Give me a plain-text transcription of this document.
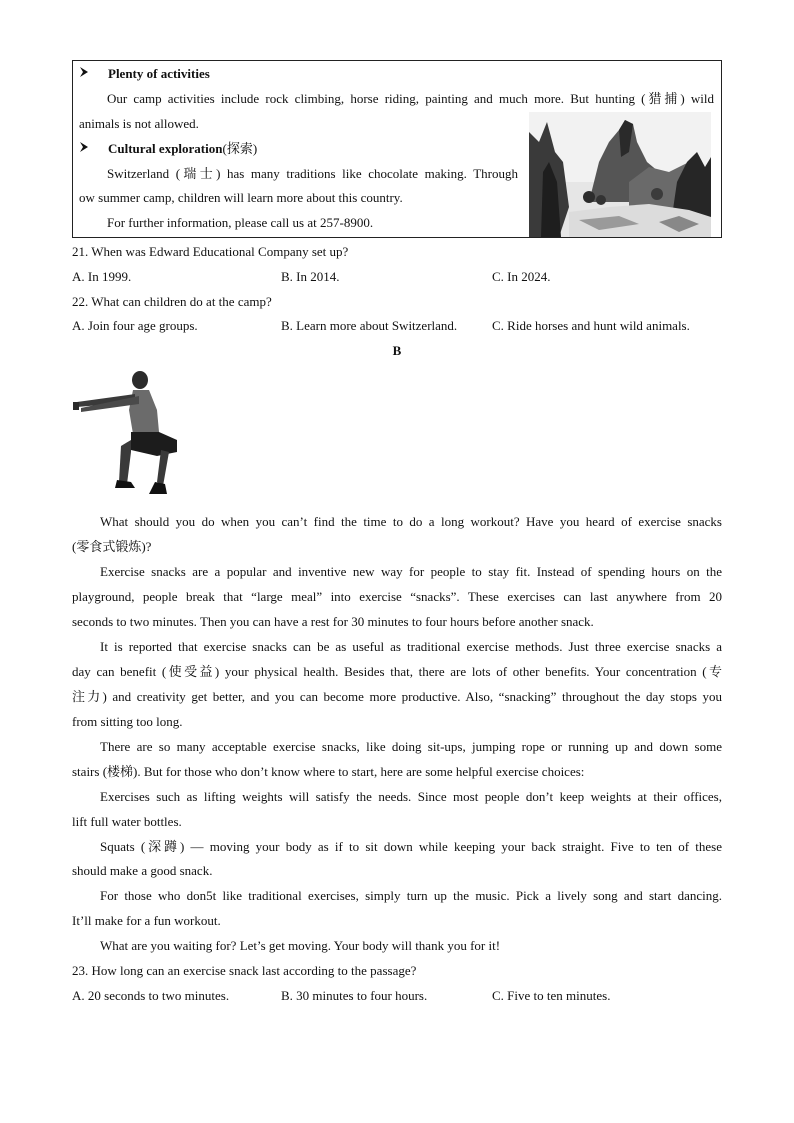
Plenty of activities
Our camp activities include rock climbing, horse riding, painting and much more. But hunting (猎捕) wild
animals is not allowed.
Cultural exploration(探索)
Switzerland (瑞士) has many traditions like chocolate making. Through
ow summer camp, children will learn more about this country.
For further information, please call us at 257-8900.
21. When was Edward Educational Company set up?
A. In 1999.	B. In 2014.	C. In 2024.
22. What can children do at the camp?
A. Join four age groups.	B. Learn more about Switzerland.	C. Ride horses and hunt wild animals.
B
What should you do when you can’t find the time to do a long workout? Have you heard of exercise snacks
(零食式锻炼)?
Exercise snacks are a popular and inventive new way for people to stay fit. Instead of spending hours on the
playground, people break that “large meal” into exercise “snacks”. These exercises can last anywhere from 20
seconds to two minutes. Then you can have a rest for 30 minutes to four hours before another snack.
It is reported that exercise snacks can be as useful as traditional exercise methods. Just three exercise snacks a
day can benefit (使受益) your physical health. Besides that, there are lots of other benefits. Your concentration (专
注力) and creativity get better, and you can become more productive. Also, “snacking” throughout the day stops you
from sitting too long.
There are so many acceptable exercise snacks, like doing sit-ups, jumping rope or running up and down some
stairs (楼梯). But for those who don’t know where to start, here are some helpful exercise choices:
Exercises such as lifting weights will satisfy the needs. Since most people don’t keep weights at their offices,
lift full water bottles.
Squats (深蹲) — moving your body as if to sit down while keeping your back straight. Five to ten of these
should make a good snack.
For those who don5t like traditional exercises, simply turn up the music. Pick a lively song and start dancing.
It’ll make for a fun workout.
What are you waiting for? Let’s get moving. Your body will thank you for it!
23. How long can an exercise snack last according to the passage?
A. 20 seconds to two minutes.	B. 30 minutes to four hours.	C. Five to ten minutes.
